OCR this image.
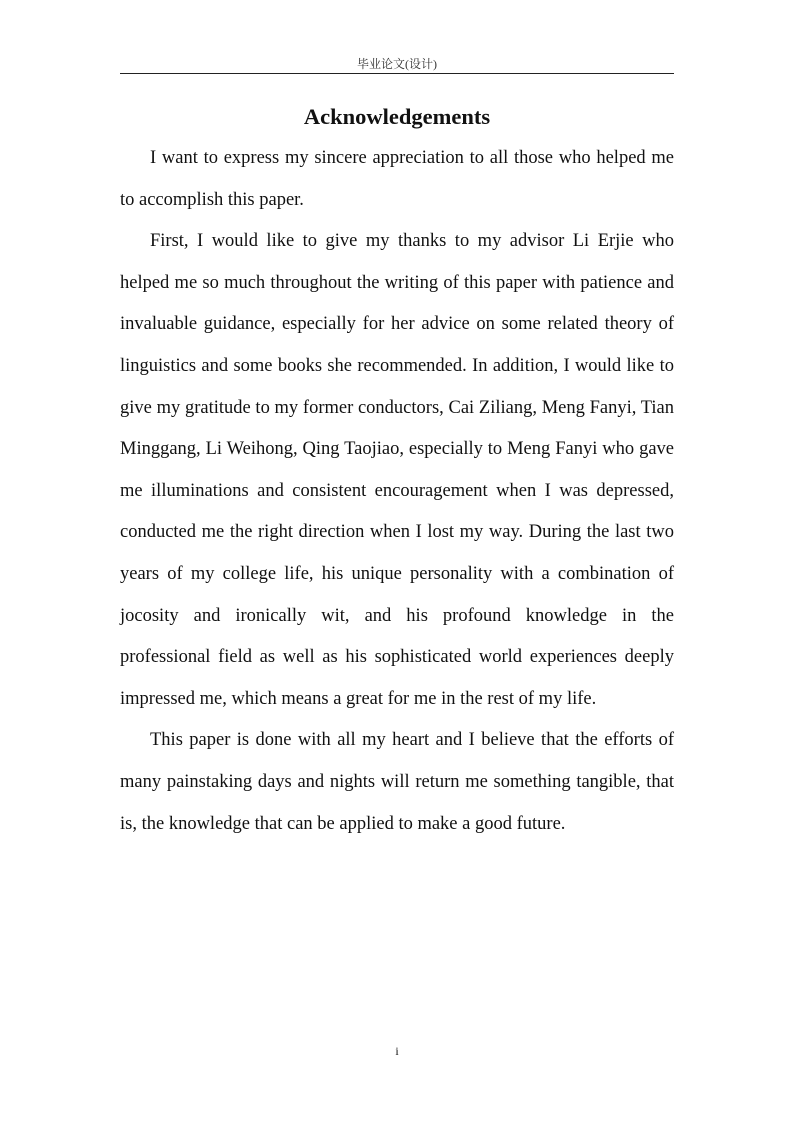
毕业论文(设计)
Acknowledgements

I want to express my sincere appreciation to all those who helped me to accomplish this paper.

First, I would like to give my thanks to my advisor Li Erjie who helped me so much throughout the writing of this paper with patience and invaluable guidance, especially for her advice on some related theory of linguistics and some books she recommended. In addition, I would like to give my gratitude to my former conductors, Cai Ziliang, Meng Fanyi, Tian Minggang, Li Weihong, Qing Taojiao, especially to Meng Fanyi who gave me illuminations and consistent encouragement when I was depressed, conducted me the right direction when I lost my way. During the last two years of my college life, his unique personality with a combination of jocosity and ironically wit, and his profound knowledge in the professional field as well as his sophisticated world experiences deeply impressed me, which means a great for me in the rest of my life.

This paper is done with all my heart and I believe that the efforts of many painstaking days and nights will return me something tangible, that is, the knowledge that can be applied to make a good future.

i
